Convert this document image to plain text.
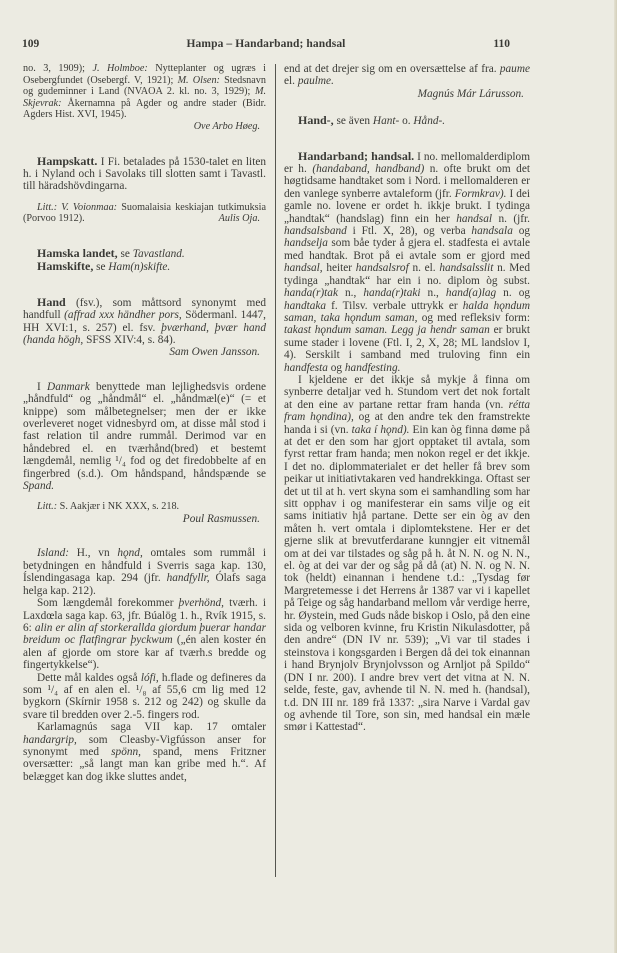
109	Hampa – Handarband; handsal	110

no. 3, 1909); J. Holmboe: Nytteplanter og ugræs i Osebergfundet (Osebergf. V, 1921); M. Olsen: Stedsnavn og gudeminner i Land (NVAOA 2. kl. no. 3, 1929); M. Skjevrak: Åkernamna på Agder og andre stader (Bidr. Agders Hist. XVI, 1945).

Ove Arbo Høeg.

Hampskatt. I Fi. betalades på 1530-talet en liten h. i Nyland och i Savolaks till slotten samt i Tavastl. till häradshövdingarna.

Litt.: V. Voionmaa: Suomalaisia keskiajan tutkimuksia (Porvoo 1912).	Aulis Oja.

Hamska landet, se Tavastland.

Hamskifte, se Ham(n)skifte.

Hand (fsv.), som måttsord synonymt med handfull (affrad xxx händher pors, Södermanl. 1447, HH XVI:1, s. 257) el. fsv. þværhand, þvær hand (handa högh, SFSS XIV:4, s. 84).

Sam Owen Jansson.

I Danmark benyttede man lejlighedsvis ordene „håndfuld“ og „håndmål“ el. „håndmæl(e)“ (= et knippe) som målbetegnelser; men der er ikke overleveret noget vidnesbyrd om, at disse mål stod i fast relation til andre rummål. Derimod var en håndebred el. en tværhånd(bred) et bestemt længdemål, nemlig ¹/₄ fod og det firedobbelte af en fingerbred (s.d.). Om håndspand, håndspænde se Spand.

Litt.: S. Aakjær i NK XXX, s. 218.

Poul Rasmussen.

Island: H., vn hǫnd, omtales som rummål i betydningen en håndfuld i Sverris saga kap. 130, Íslendingasaga kap. 294 (jfr. handfyllr, Ólafs saga helga kap. 212).

Som længdemål forekommer þverhönd, tværh. i Laxdœla saga kap. 63, jfr. Búalög 1. h., Rvík 1915, s. 6: alin er alin af storkerallda giordum þuerar handar breidum oc flatfingrar þyckwum („én alen koster én alen af gjorde om store kar af tværh.s bredde og fingertykkelse“).

Dette mål kaldes også lófi, h.flade og defineres da som ¹/₄ af en alen el. ¹/₈ af 55,6 cm lig med 12 bygkorn (Skírnir 1958 s. 212 og 242) og skulle da svare til bredden over 2.-5. fingers rod.

Karlamagnús saga VII kap. 17 omtaler handargrip, som Cleasby-Vigfússon anser for synonymt med spönn, spand, mens Fritzner oversætter: „så langt man kan gribe med h.“. Af belægget kan dog ikke sluttes andet,

end at det drejer sig om en oversættelse af fra. paume el. paulme.

Magnús Már Lárusson.

Hand-, se även Hant- o. Hånd-.

Handarband; handsal. I no. mellomalderdiplom er h. (handaband, handband) n. ofte brukt om det høgtidsame handtaket som i Nord. i mellomalderen er den vanlege synberre avtaleform (jfr. Formkrav). I dei gamle no. lovene er ordet h. ikkje brukt. I tydinga „handtak“ (handslag) finn ein her handsal n. (jfr. handsalsband i Ftl. X, 28), og verba handsala og handselja som båe tyder å gjera el. stadfesta ei avtale med handtak. Brot på ei avtale som er gjord med handsal, heiter handsalsrof n. el. handsalsslit n. Med tydinga „handtak“ har ein i no. diplom òg subst. handa(r)tak n., handa(r)taki n., hand(a)lag n. og handtaka f. Tilsv. verbale uttrykk er halda hǫndum saman, taka hǫndum saman, og med refleksiv form: takast hǫndum saman. Legg ja hendr saman er brukt sume stader i lovene (Ftl. I, 2, X, 28; ML landslov I, 4). Serskilt i samband med truloving finn ein handfesta og handfesting.

I kjeldene er det ikkje så mykje å finna om synberre detaljar ved h. Stundom vert det nok fortalt at den eine av partane rettar fram handa (vn. rétta fram hǫndina), og at den andre tek den framstrekte handa i si (vn. taka í hǫnd). Ein kan òg finna døme på at det er den som har gjort opptaket til avtala, som fyrst rettar fram handa; men nokon regel er det ikkje. I det no. diplommaterialet er det heller få brev som peikar ut initiativtakaren ved handrekkinga. Oftast ser det ut til at h. vert skyna som ei samhandling som har sitt opphav i og manifesterar ein sams vilje og eit sams initiativ hjå partane. Dette ser ein òg av den måten h. vert omtala i diplomtekstene. Her er det gjerne slik at brevutferdarane kunngjer eit vitnemål om at dei var tilstades og såg på h. åt N. N. og N. N., el. òg at dei var der og såg på då (at) N. N. og N. N. tok (heldt) einannan i hendene t.d.: „Tysdag før Margretemesse i det Herrens år 1387 var vi i kapellet på Teige og såg handarband mellom vår verdige herre, hr. Øystein, med Guds nåde biskop i Oslo, på den eine sida og velboren kvinne, fru Kristin Nikulasdotter, på den andre“ (DN IV nr. 539); „Vi var til stades i steinstova i kongsgarden i Bergen då dei tok einannan i hand Brynjolv Brynjolvsson og Arnljot på Spildo“ (DN I nr. 200). I andre brev vert det vitna at N. N. selde, feste, gav, avhende til N. N. med h. (handsal), t.d. DN III nr. 189 frå 1337: „sira Narve i Vardal gav og avhende til Tore, son sin, med handsal ein mæle smør i Kattestad“.
